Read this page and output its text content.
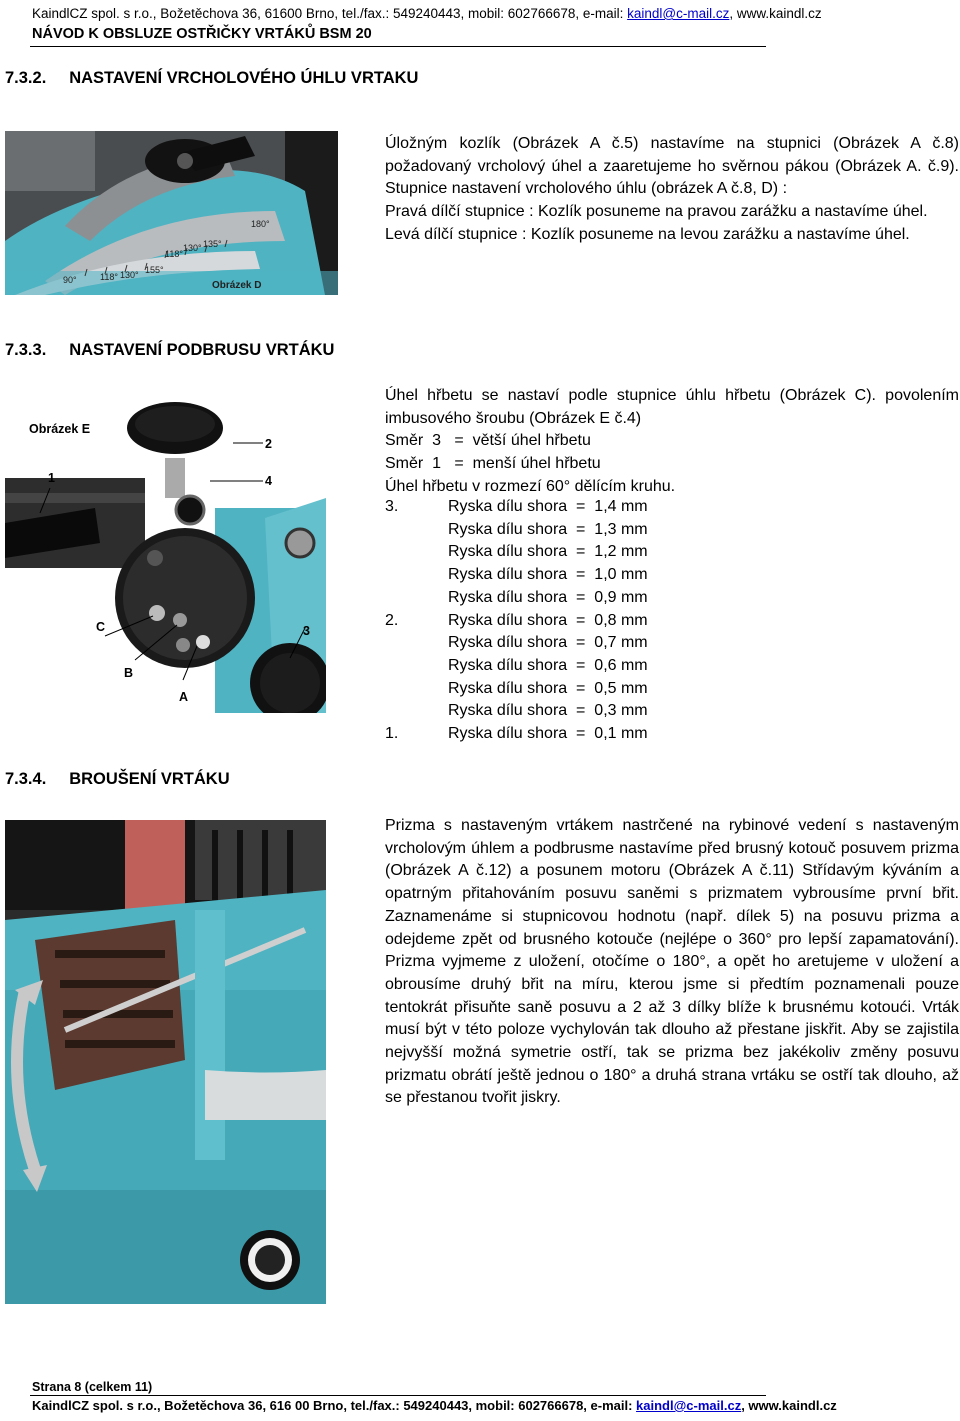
KaindlCZ spol. s r.o., Božetěchova 36, 61600 Brno, tel./fax.: 549240443, mobil: 602766678, e-mail: kaindl@c-mail.cz, www.kaindl.cz
NÁVOD K OBSLUZE OSTŘIČKY VRTÁKŮ BSM 20
7.3.2.     NASTAVENÍ VRCHOLOVÉHO ÚHLU VRTAKU
180°
135°
130°
118°
155°
130°
118°
90°	Obrázek D
Úložným kozlík (Obrázek A č.5) nastavíme na stupnici (Obrázek A č.8)
požadovaný vrcholový úhel a zaaretujeme ho svěrnou pákou (Obrázek A. č.9).
Stupnice nastavení vrcholového úhlu (obrázek A č.8, D) :
Pravá dílčí stupnice : Kozlík posuneme na pravou zarážku a nastavíme úhel.
Levá dílčí stupnice : Kozlík posuneme na levou zarážku a nastavíme úhel.
7.3.3.     NASTAVENÍ PODBRUSU VRTÁKU
Obrázek E
1
2
4
3
C
B
A
Úhel hřbetu se nastaví podle stupnice úhlu hřbetu (Obrázek C). povolením
imbusového šroubu (Obrázek E č.4)
Směr  3   =  větší úhel hřbetu
Směr  1   =  menší úhel hřbetu
Úhel hřbetu v rozmezí 60° dělícím kruhu.
3.	Ryska dílu shora  =  1,4 mm
Ryska dílu shora  =  1,3 mm
Ryska dílu shora  =  1,2 mm
Ryska dílu shora  =  1,0 mm
Ryska dílu shora  =  0,9 mm
2.	Ryska dílu shora  =  0,8 mm
Ryska dílu shora  =  0,7 mm
Ryska dílu shora  =  0,6 mm
Ryska dílu shora  =  0,5 mm
Ryska dílu shora  =  0,3 mm
1.	Ryska dílu shora  =  0,1 mm
7.3.4.     BROUŠENÍ VRTÁKU
Prizma s nastaveným vrtákem nastrčené na rybinové vedení s nastaveným vrcholovým úhlem a podbrusme nastavíme před brusný kotouč posuvem prizma (Obrázek A č.12) a posunem motoru (Obrázek A č.11) Střídavým kýváním a opatrným přitahováním posuvu saněmi s prizmatem vybrousíme první břit. Zaznamenáme si stupnicovou hodnotu (např. dílek 5) na posuvu prizma a odejdeme zpět od brusného kotouče (nejlépe o 360° pro lepší zapamatování). Prizma vyjmeme z uložení, otočíme o 180°, a opět ho aretujeme v uložení a obrousíme druhý břit na míru, kterou jsme si předtím poznamenali pouze tentokrát přisuňte saně posuvu a 2 až 3 dílky blíže k brusnému kotoući. Vrták musí být v této poloze vychylován tak dlouho až přestane jiskřit. Aby se zajistila nejvyšší možná symetrie ostří, tak se prizma bez jakékoliv změny posuvu prizmatu obrátí ještě jednou o 180° a druhá strana vrtáku se ostří tak dlouho, až se přestanou tvořit jiskry.
Strana 8 (celkem 11)
KaindlCZ spol. s r.o., Božetěchova 36, 616 00 Brno, tel./fax.: 549240443, mobil: 602766678, e-mail: kaindl@c-mail.cz, www.kaindl.cz
